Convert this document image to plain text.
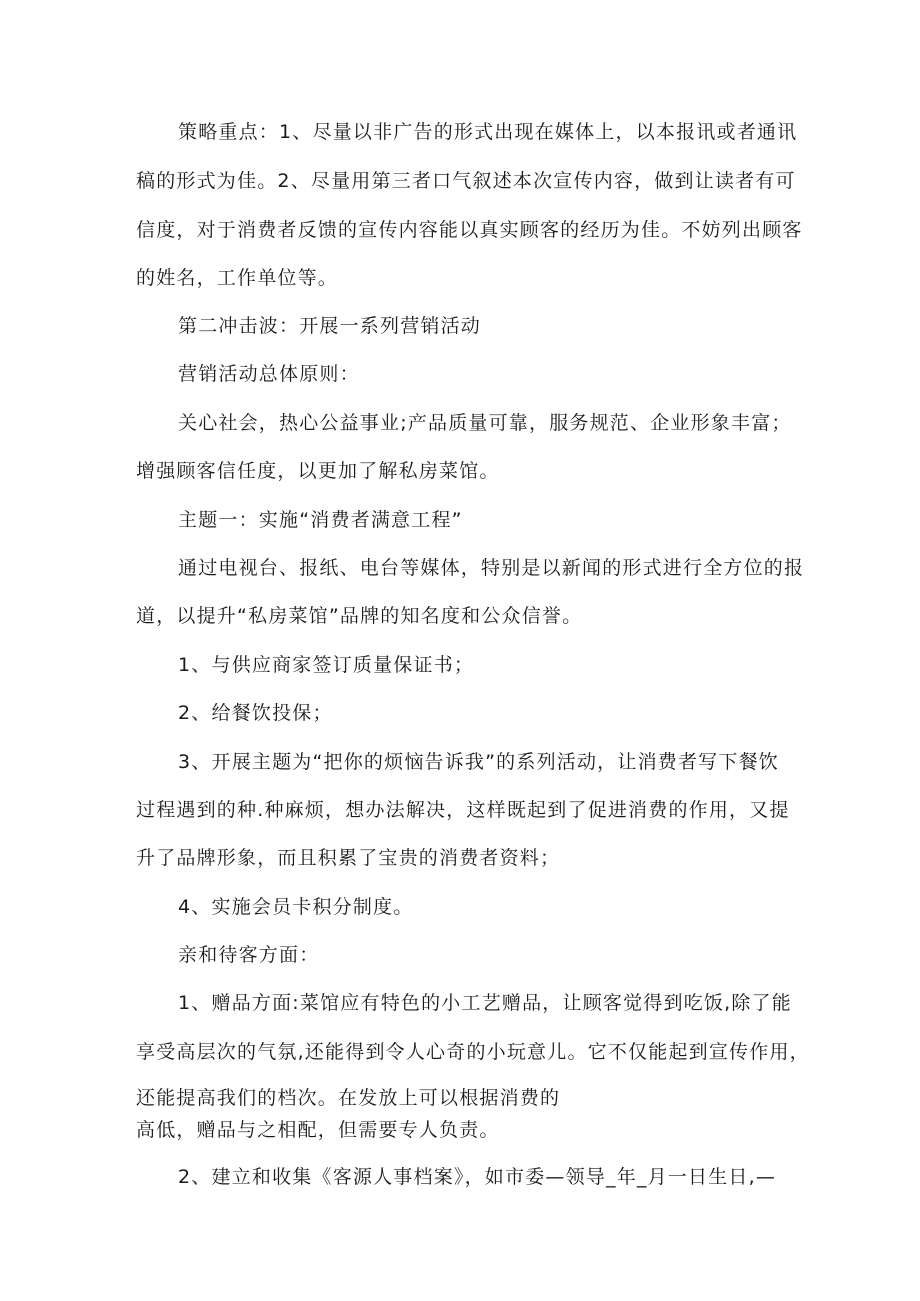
策略重点：1、尽量以非广告的形式出现在媒体上，以本报讯或者通讯
稿的形式为佳。2、尽量用第三者口气叙述本次宣传内容，做到让读者有可
信度，对于消费者反馈的宣传内容能以真实顾客的经历为佳。不妨列出顾客
的姓名，工作单位等。
第二冲击波：开展一系列营销活动
营销活动总体原则：
关心社会，热心公益事业;产品质量可靠，服务规范、企业形象丰富；
增强顾客信任度，以更加了解私房菜馆。
主题一：实施“消费者满意工程”
通过电视台、报纸、电台等媒体，特别是以新闻的形式进行全方位的报
道，以提升“私房菜馆”品牌的知名度和公众信誉。
1、与供应商家签订质量保证书；
2、给餐饮投保；
3、开展主题为“把你的烦恼告诉我”的系列活动，让消费者写下餐饮
过程遇到的种.种麻烦，想办法解决，这样既起到了促进消费的作用，又提
升了品牌形象，而且积累了宝贵的消费者资料；
4、实施会员卡积分制度。
亲和待客方面：
1、赠品方面:菜馆应有特色的小工艺赠品，让顾客觉得到吃饭,除了能
享受高层次的气氛,还能得到令人心奇的小玩意儿。它不仅能起到宣传作用，
还能提高我们的档次。在发放上可以根据消费的
高低，赠品与之相配，但需要专人负责。
2、建立和收集《客源人事档案》，如市委—领导_年_月一日生日,—
